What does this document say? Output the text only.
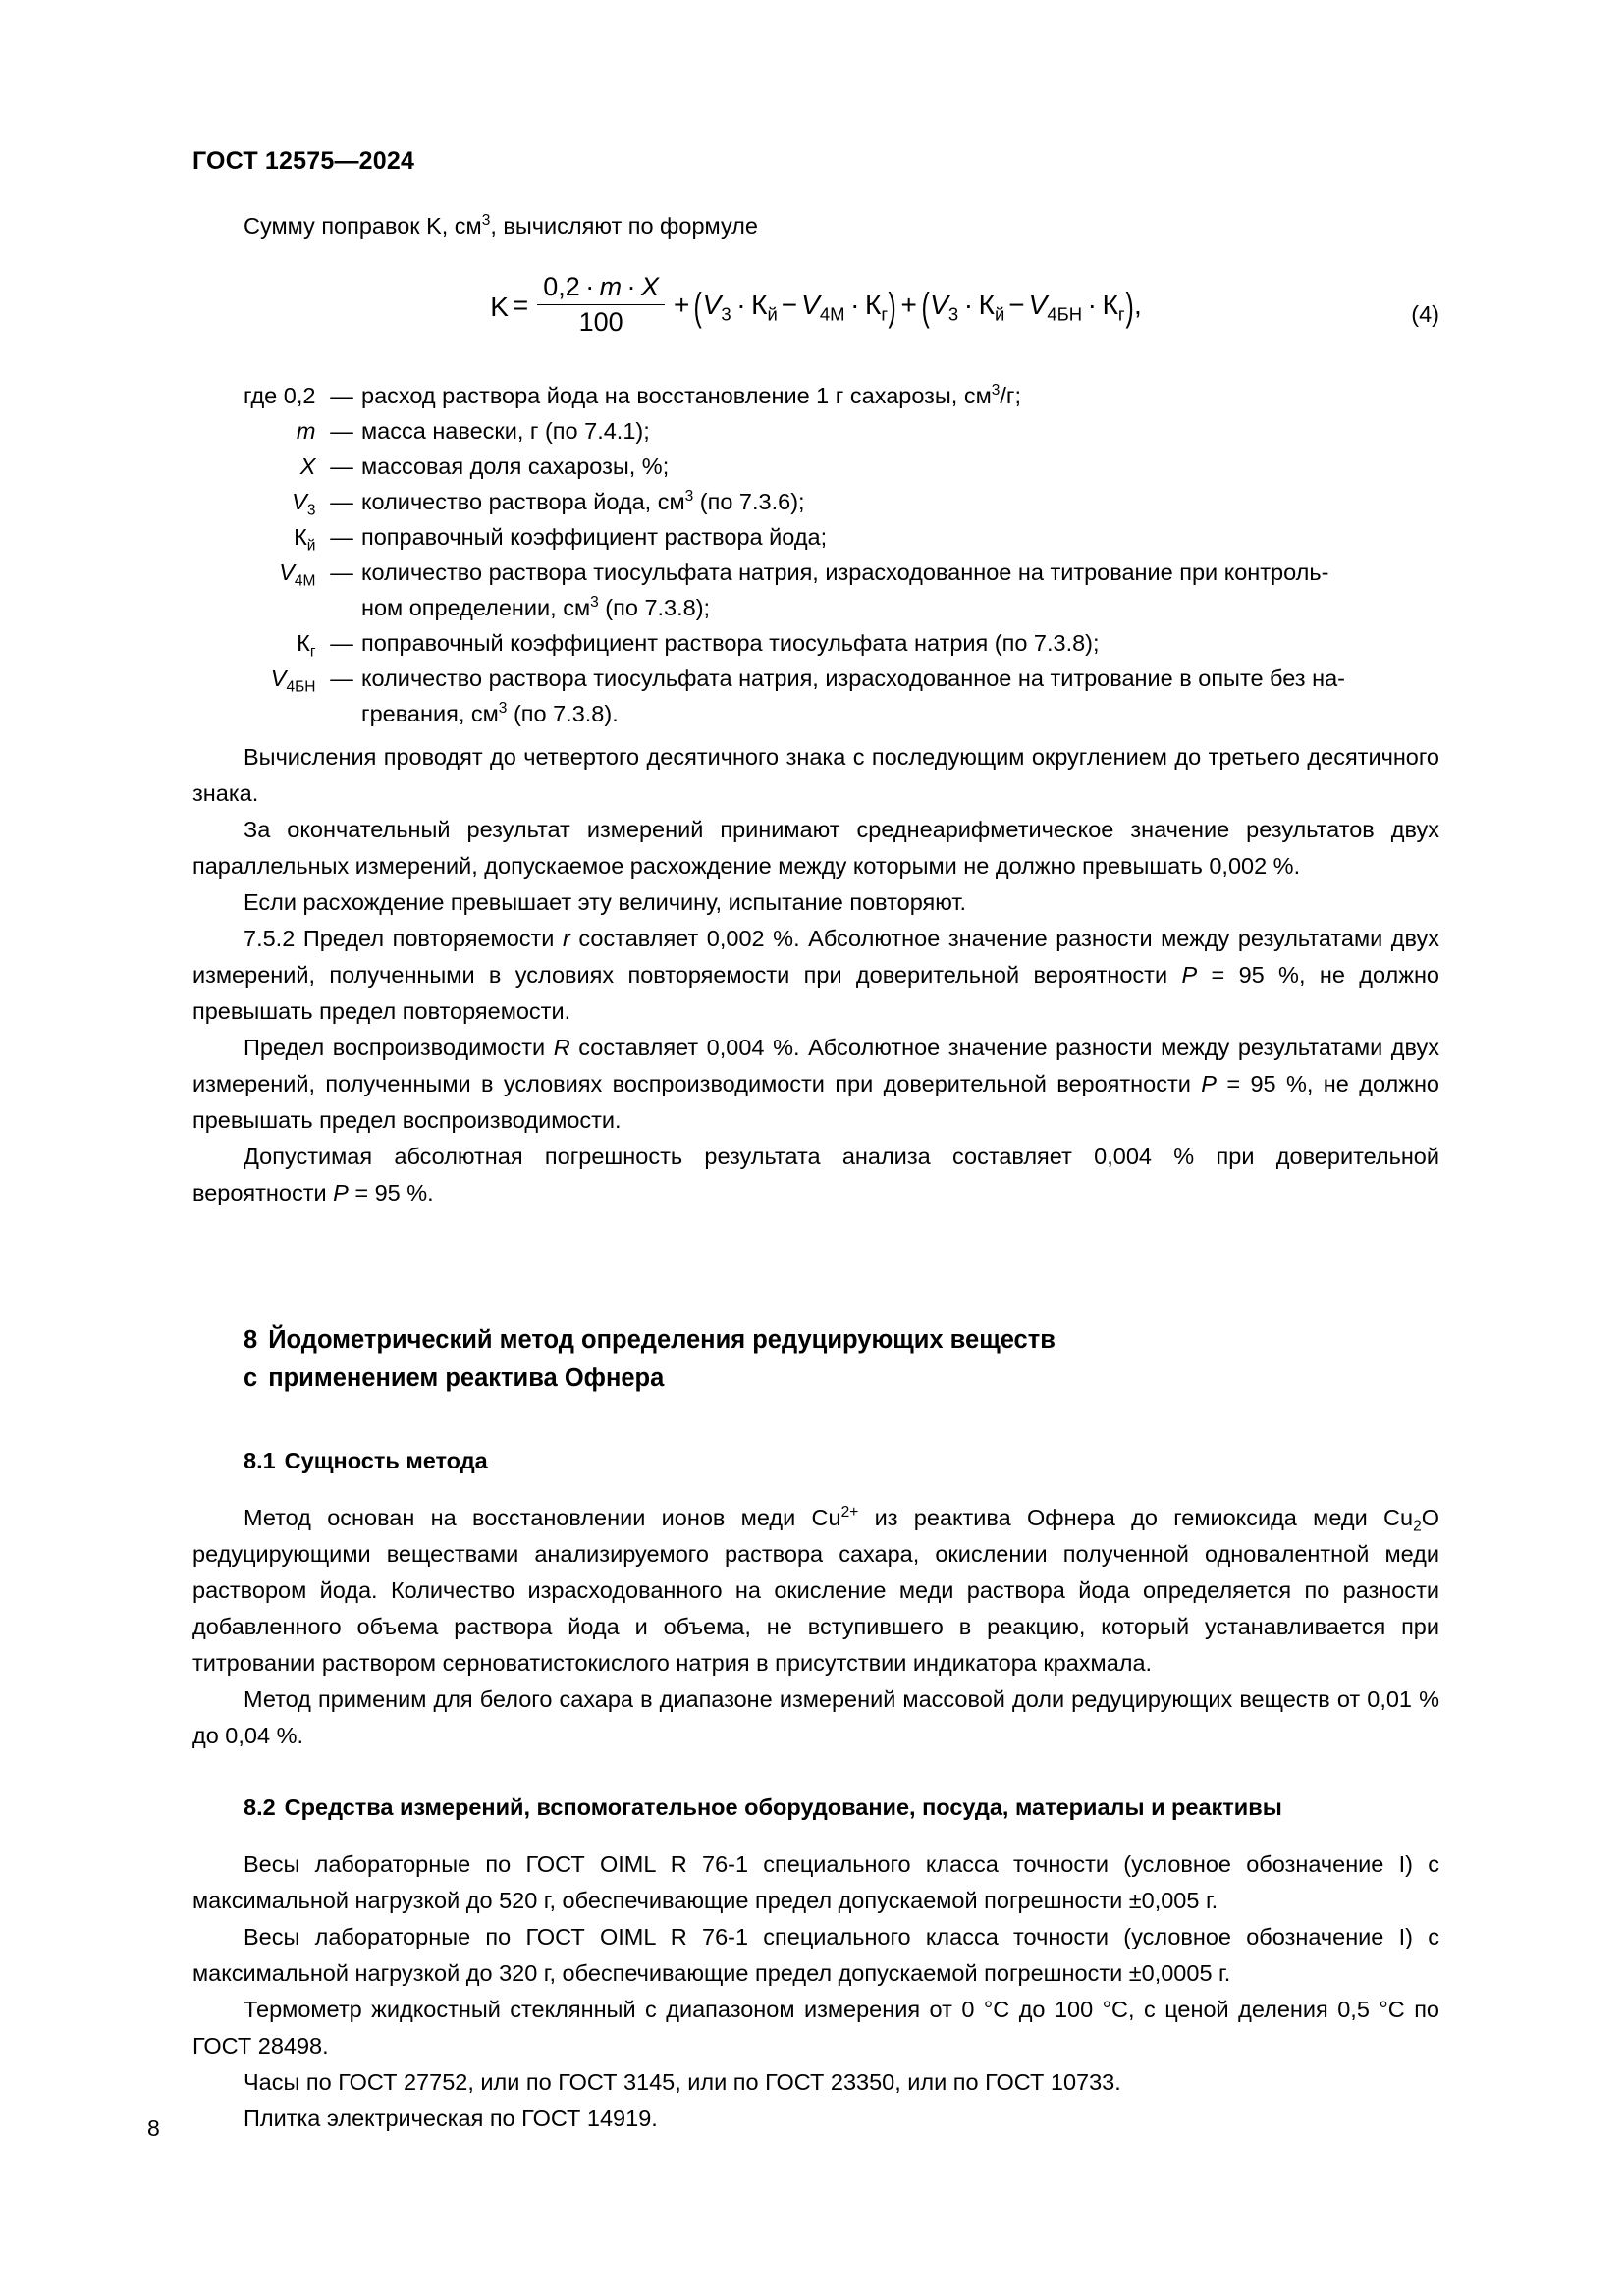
ГОСТ 12575—2024

Сумму поправок K, $см^3$, вычисляют по формуле

$K = \frac{0,2 \cdot m \cdot X}{100} + (V_3 \cdot К_й - V_{4М} \cdot К_г) + (V_3 \cdot К_й - V_{4БН} \cdot К_г)$,	(4)
где 0,2 — расход раствора йода на восстановление 1 г сахарозы, $см^3/г$;
m — масса навески, г (по 7.4.1);
X — массовая доля сахарозы, %;
$V_3$ — количество раствора йода, $см^3$ (по 7.3.6);
$К_й$ — поправочный коэффициент раствора йода;
$V_{4М}$ — количество раствора тиосульфата натрия, израсходованное на титрование при контроль-
ном определении, $см^3$ (по 7.3.8);
$К_г$ — поправочный коэффициент раствора тиосульфата натрия (по 7.3.8);
$V_{4БН}$ — количество раствора тиосульфата натрия, израсходованное на титрование в опыте без на-
гревания, $см^3$ (по 7.3.8).

Вычисления проводят до четвертого десятичного знака с последующим округлением до третьего десятичного знака.

За окончательный результат измерений принимают среднеарифметическое значение результатов двух параллельных измерений, допускаемое расхождение между которыми не должно превышать 0,002 %.

Если расхождение превышает эту величину, испытание повторяют.

7.5.2 Предел повторяемости r составляет 0,002 %. Абсолютное значение разности между результатами двух измерений, полученными в условиях повторяемости при доверительной вероятности P = 95 %, не должно превышать предел повторяемости.

Предел воспроизводимости R составляет 0,004 %. Абсолютное значение разности между результатами двух измерений, полученными в условиях воспроизводимости при доверительной вероятности P = 95 %, не должно превышать предел воспроизводимости.

Допустимая абсолютная погрешность результата анализа составляет 0,004 % при доверительной вероятности P = 95 %.

8 Йодометрический метод определения редуцирующих веществ
с применением реактива Офнера
8.1 Сущность метода

Метод основан на восстановлении ионов меди $Cu^{2+}$ из реактива Офнера до гемиоксида меди $Cu_2O$ редуцирующими веществами анализируемого раствора сахара, окислении полученной одновалентной меди раствором йода. Количество израсходованного на окисление меди раствора йода определяется по разности добавленного объема раствора йода и объема, не вступившего в реакцию, который устанавливается при титровании раствором серноватистокислого натрия в присутствии индикатора крахмала.

Метод применим для белого сахара в диапазоне измерений массовой доли редуцирующих веществ от 0,01 % до 0,04 %.

8.2 Средства измерений, вспомогательное оборудование, посуда, материалы и реактивы

Весы лабораторные по ГОСТ OIML R 76-1 специального класса точности (условное обозначение I) с максимальной нагрузкой до 520 г, обеспечивающие предел допускаемой погрешности ±0,005 г.

Весы лабораторные по ГОСТ OIML R 76-1 специального класса точности (условное обозначение I) с максимальной нагрузкой до 320 г, обеспечивающие предел допускаемой погрешности ±0,0005 г.

Термометр жидкостный стеклянный с диапазоном измерения от 0 °C до 100 °C, с ценой деления 0,5 °C по ГОСТ 28498.

Часы по ГОСТ 27752, или по ГОСТ 3145, или по ГОСТ 23350, или по ГОСТ 10733.

Плитка электрическая по ГОСТ 14919.

8
